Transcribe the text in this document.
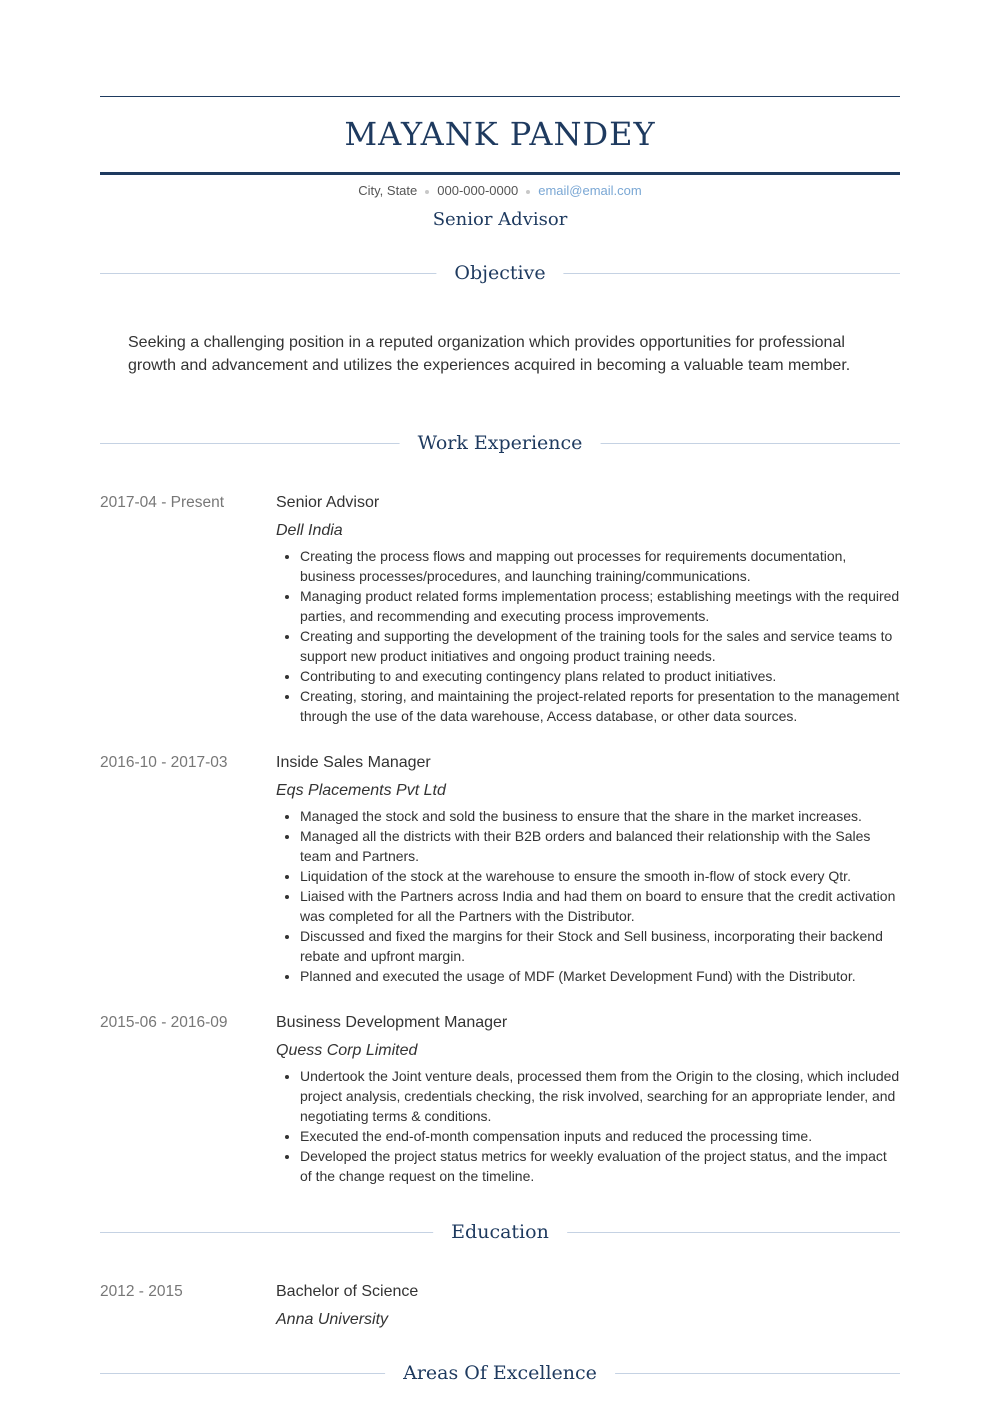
MAYANK PANDEY
City, State 000-000-0000 email@email.com
Senior Advisor
Objective

Seeking a challenging position in a reputed organization which provides opportunities for professional growth and advancement and utilizes the experiences acquired in becoming a valuable team member.

Work Experience
2017-04 - Present	Senior Advisor
Dell India
• Creating the process flows and mapping out processes for requirements documentation, business processes/procedures, and launching training/communications.
• Managing product related forms implementation process; establishing meetings with the required parties, and recommending and executing process improvements.
• Creating and supporting the development of the training tools for the sales and service teams to support new product initiatives and ongoing product training needs.
• Contributing to and executing contingency plans related to product initiatives.
• Creating, storing, and maintaining the project-related reports for presentation to the management through the use of the data warehouse, Access database, or other data sources.
2016-10 - 2017-03	Inside Sales Manager
Eqs Placements Pvt Ltd
• Managed the stock and sold the business to ensure that the share in the market increases.
• Managed all the districts with their B2B orders and balanced their relationship with the Sales team and Partners.
• Liquidation of the stock at the warehouse to ensure the smooth in-flow of stock every Qtr.
• Liaised with the Partners across India and had them on board to ensure that the credit activation was completed for all the Partners with the Distributor.
• Discussed and fixed the margins for their Stock and Sell business, incorporating their backend rebate and upfront margin.
• Planned and executed the usage of MDF (Market Development Fund) with the Distributor.
2015-06 - 2016-09	Business Development Manager
Quess Corp Limited
• Undertook the Joint venture deals, processed them from the Origin to the closing, which included project analysis, credentials checking, the risk involved, searching for an appropriate lender, and negotiating terms & conditions.
• Executed the end-of-month compensation inputs and reduced the processing time.
• Developed the project status metrics for weekly evaluation of the project status, and the impact of the change request on the timeline.
Education
2012 - 2015	Bachelor of Science
Anna University
Areas Of Excellence
